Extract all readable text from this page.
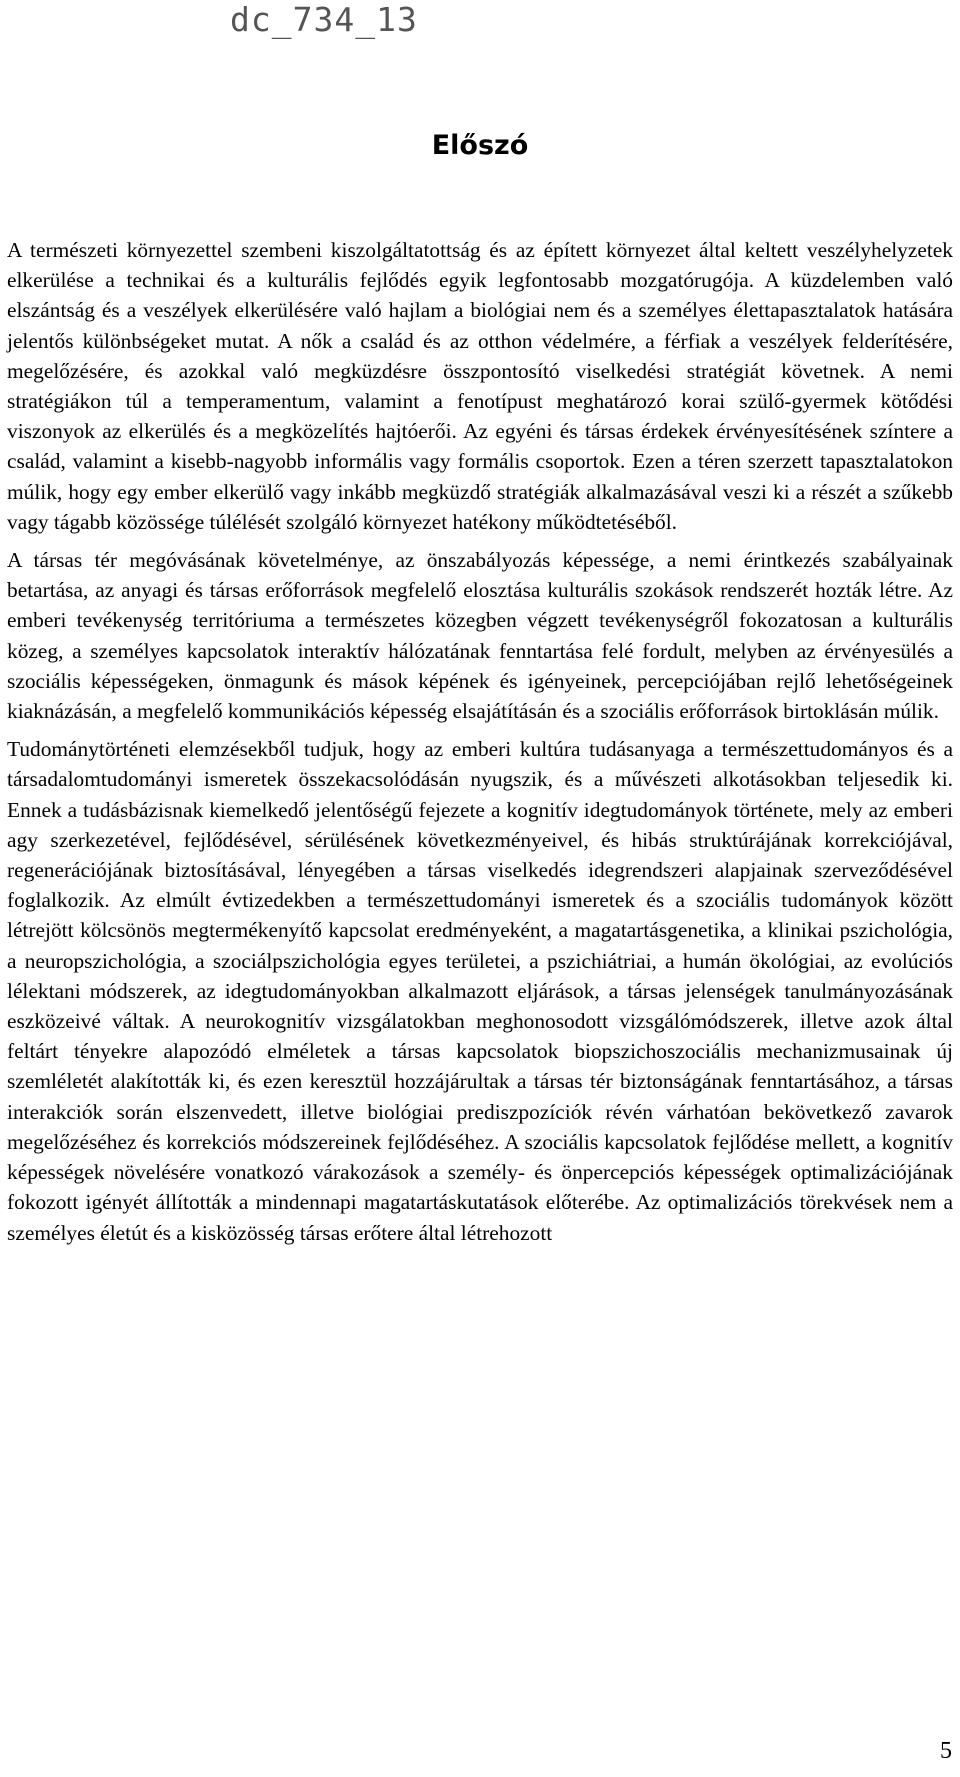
dc_734_13
Előszó

A természeti környezettel szembeni kiszolgáltatottság és az épített környezet által keltett veszélyhelyzetek elkerülése a technikai és a kulturális fejlődés egyik legfontosabb mozgatórugója. A küzdelemben való elszántság és a veszélyek elkerülésére való hajlam a biológiai nem és a személyes élettapasztalatok hatására jelentős különbségeket mutat. A nők a család és az otthon védelmére, a férfiak a veszélyek felderítésére, megelőzésére, és azokkal való megküzdésre összpontosító viselkedési stratégiát követnek. A nemi stratégiákon túl a temperamentum, valamint a fenotípust meghatározó korai szülő-gyermek kötődési viszonyok az elkerülés és a megközelítés hajtóerői. Az egyéni és társas érdekek érvényesítésének színtere a család, valamint a kisebb-nagyobb informális vagy formális csoportok. Ezen a téren szerzett tapasztalatokon múlik, hogy egy ember elkerülő vagy inkább megküzdő stratégiák alkalmazásával veszi ki a részét a szűkebb vagy tágabb közössége túlélését szolgáló környezet hatékony működtetéséből.

A társas tér megóvásának követelménye, az önszabályozás képessége, a nemi érintkezés szabályainak betartása, az anyagi és társas erőforrások megfelelő elosztása kulturális szokások rendszerét hozták létre. Az emberi tevékenység territóriuma a természetes közegben végzett tevékenységről fokozatosan a kulturális közeg, a személyes kapcsolatok interaktív hálózatának fenntartása felé fordult, melyben az érvényesülés a szociális képességeken, önmagunk és mások képének és igényeinek, percepciójában rejlő lehetőségeinek kiaknázásán, a megfelelő kommunikációs képesség elsajátításán és a szociális erőforrások birtoklásán múlik.

Tudománytörténeti elemzésekből tudjuk, hogy az emberi kultúra tudásanyaga a természettudományos és a társadalomtudományi ismeretek összekacsolódásán nyugszik, és a művészeti alkotásokban teljesedik ki. Ennek a tudásbázisnak kiemelkedő jelentőségű fejezete a kognitív idegtudományok története, mely az emberi agy szerkezetével, fejlődésével, sérülésének következményeivel, és hibás struktúrájának korrekciójával, regenerációjának biztosításával, lényegében a társas viselkedés idegrendszeri alapjainak szerveződésével foglalkozik. Az elmúlt évtizedekben a természettudományi ismeretek és a szociális tudományok között létrejött kölcsönös megtermékenyítő kapcsolat eredményeként, a magatartásgenetika, a klinikai pszichológia, a neuropszichológia, a szociálpszichológia egyes területei, a pszichiátriai, a humán ökológiai, az evolúciós lélektani módszerek, az idegtudományokban alkalmazott eljárások, a társas jelenségek tanulmányozásának eszközeivé váltak. A neurokognitív vizsgálatokban meghonosodott vizsgálómódszerek, illetve azok által feltárt tényekre alapozódó elméletek a társas kapcsolatok biopszichoszociális mechanizmusainak új szemléletét alakították ki, és ezen keresztül hozzájárultak a társas tér biztonságának fenntartásához, a társas interakciók során elszenvedett, illetve biológiai prediszpozíciók révén várhatóan bekövetkező zavarok megelőzéséhez és korrekciós módszereinek fejlődéséhez. A szociális kapcsolatok fejlődése mellett, a kognitív képességek növelésére vonatkozó várakozások a személy- és önpercepciós képességek optimalizációjának fokozott igényét állították a mindennapi magatartáskutatások előterébe. Az optimalizációs törekvések nem a személyes életút és a kisközösség társas erőtere által létrehozott

5
